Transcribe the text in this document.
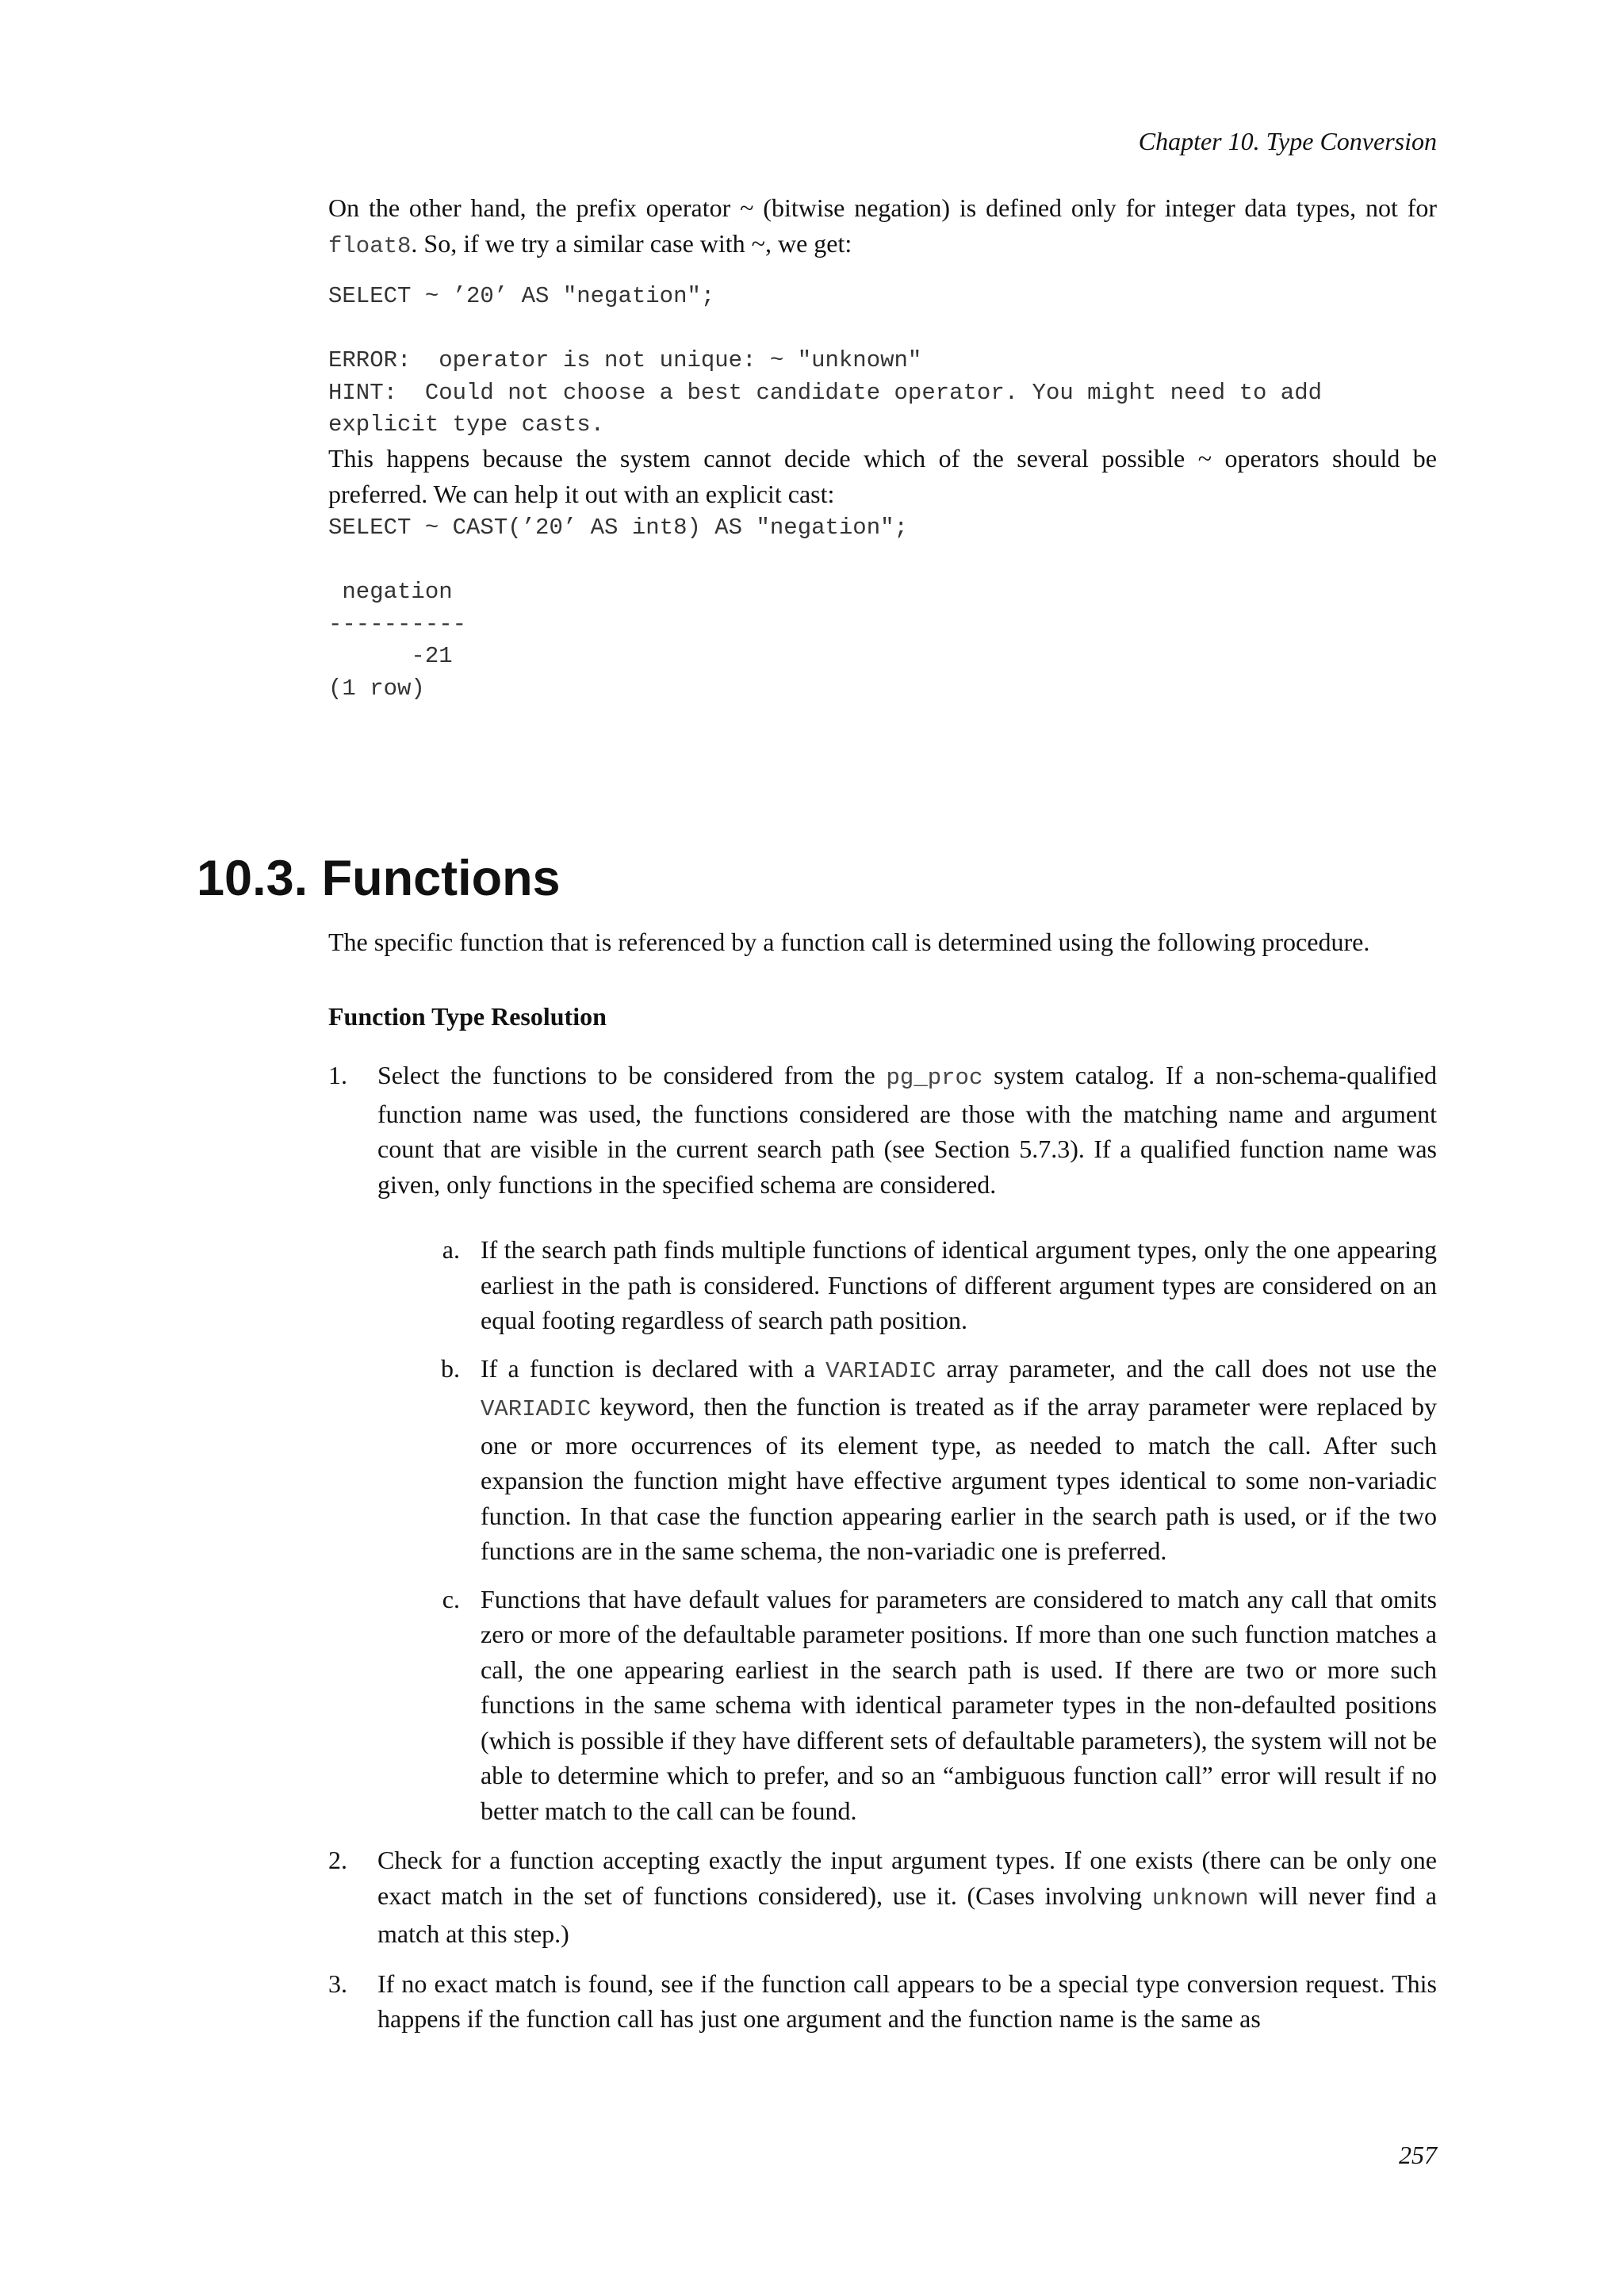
Chapter 10. Type Conversion

On the other hand, the prefix operator ~ (bitwise negation) is defined only for integer data types, not for float8. So, if we try a similar case with ~, we get:

SELECT ~ ’20’ AS "negation";

ERROR:  operator is not unique: ~ "unknown"
HINT:  Could not choose a best candidate operator. You might need to add
explicit type casts.

This happens because the system cannot decide which of the several possible ~ operators should be preferred. We can help it out with an explicit cast:

SELECT ~ CAST(’20’ AS int8) AS "negation";

negation
----------
-21
(1 row)
10.3. Functions

The specific function that is referenced by a function call is determined using the following procedure.

Function Type Resolution
1. Select the functions to be considered from the pg_proc system catalog. If a non-schema-qualified function name was used, the functions considered are those with the matching name and argument count that are visible in the current search path (see Section 5.7.3). If a qualified function name was given, only functions in the specified schema are considered.
a. If the search path finds multiple functions of identical argument types, only the one appearing earliest in the path is considered. Functions of different argument types are considered on an equal footing regardless of search path position.
b. If a function is declared with a VARIADIC array parameter, and the call does not use the VARIADIC keyword, then the function is treated as if the array parameter were replaced by one or more occurrences of its element type, as needed to match the call. After such expansion the function might have effective argument types identical to some non-variadic function. In that case the function appearing earlier in the search path is used, or if the two functions are in the same schema, the non-variadic one is preferred.
c. Functions that have default values for parameters are considered to match any call that omits zero or more of the defaultable parameter positions. If more than one such function matches a call, the one appearing earliest in the search path is used. If there are two or more such functions in the same schema with identical parameter types in the non-defaulted positions (which is possible if they have different sets of defaultable parameters), the system will not be able to determine which to prefer, and so an “ambiguous function call” error will result if no better match to the call can be found.
2. Check for a function accepting exactly the input argument types. If one exists (there can be only one exact match in the set of functions considered), use it. (Cases involving unknown will never find a match at this step.)
3. If no exact match is found, see if the function call appears to be a special type conversion request. This happens if the function call has just one argument and the function name is the same as
257
